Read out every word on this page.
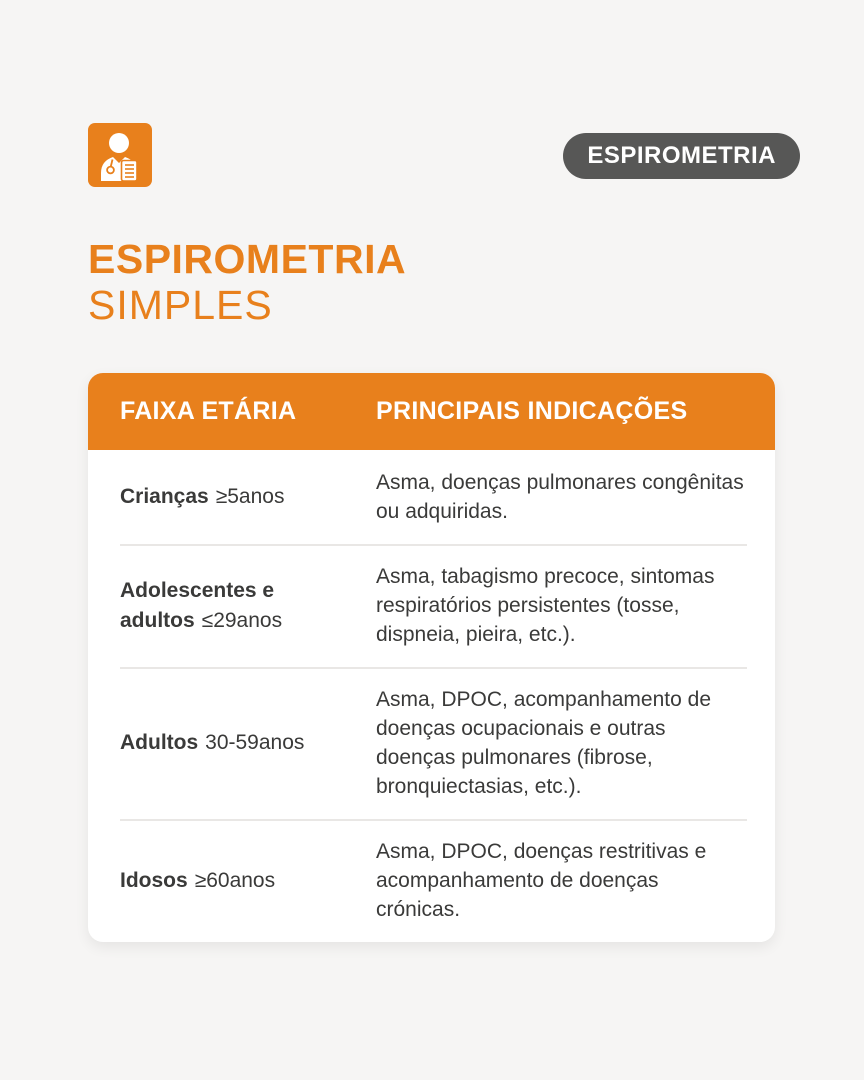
ESPIROMETRIA
ESPIROMETRIA
SIMPLES
FAIXA ETÁRIA	PRINCIPAIS INDICAÇÕES
Crianças ≥5anos
Asma, doenças pulmonares congênitas ou adquiridas.
Adolescentes e adultos ≤29anos
Asma, tabagismo precoce, sintomas respiratórios persistentes (tosse, dispneia, pieira, etc.).
Adultos 30-59anos
Asma, DPOC, acompanhamento de doenças ocupacionais e outras doenças pulmonares (fibrose, bronquiectasias, etc.).
Idosos ≥60anos
Asma, DPOC, doenças restritivas e acompanhamento de doenças crónicas.
